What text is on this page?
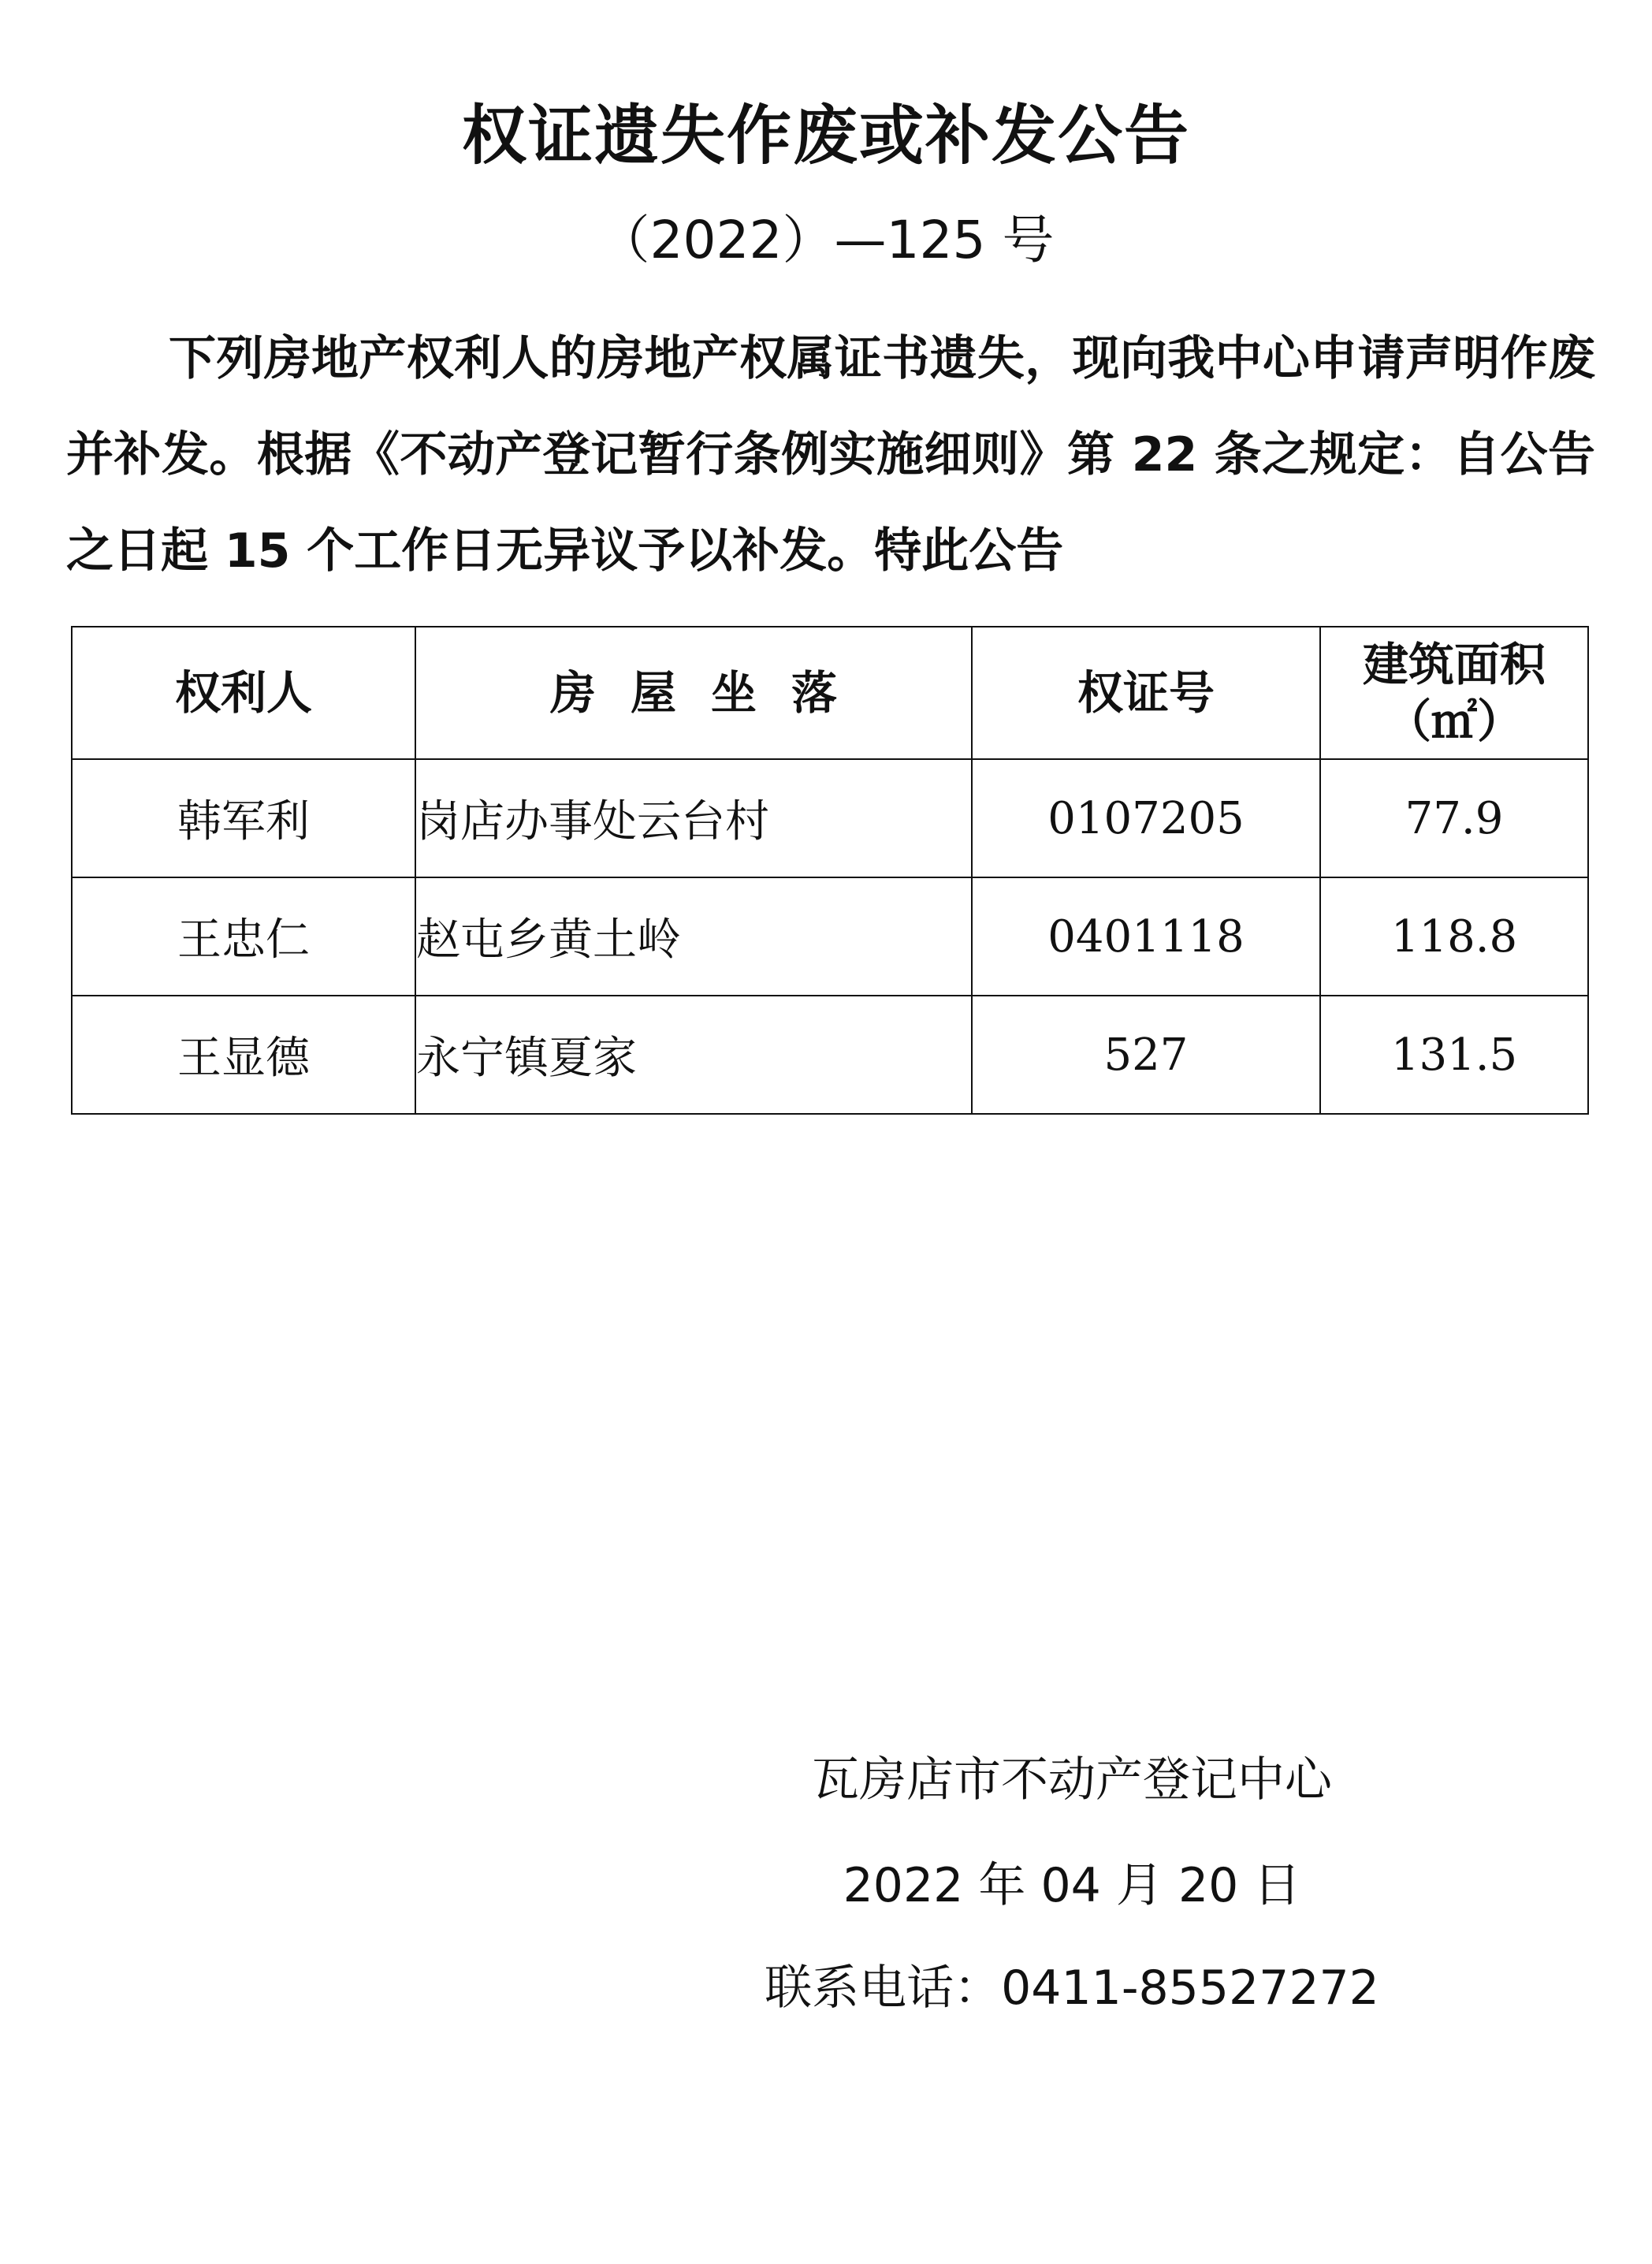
权证遗失作废或补发公告
（2022）—125 号

下列房地产权利人的房地产权属证书遗失，现向我中心申请声明作废并补发。根据《不动产登记暂行条例实施细则》第 22 条之规定：自公告之日起 15 个工作日无异议予以补发。特此公告

权利人	房屋坐落	权证号	建筑面积
（㎡）

韩军利	岗店办事处云台村	0107205	77.9
王忠仁	赵屯乡黄土岭	0401118	118.8
王显德	永宁镇夏家	527	131.5
瓦房店市不动产登记中心
2022 年 04 月 20 日
联系电话：0411-85527272
